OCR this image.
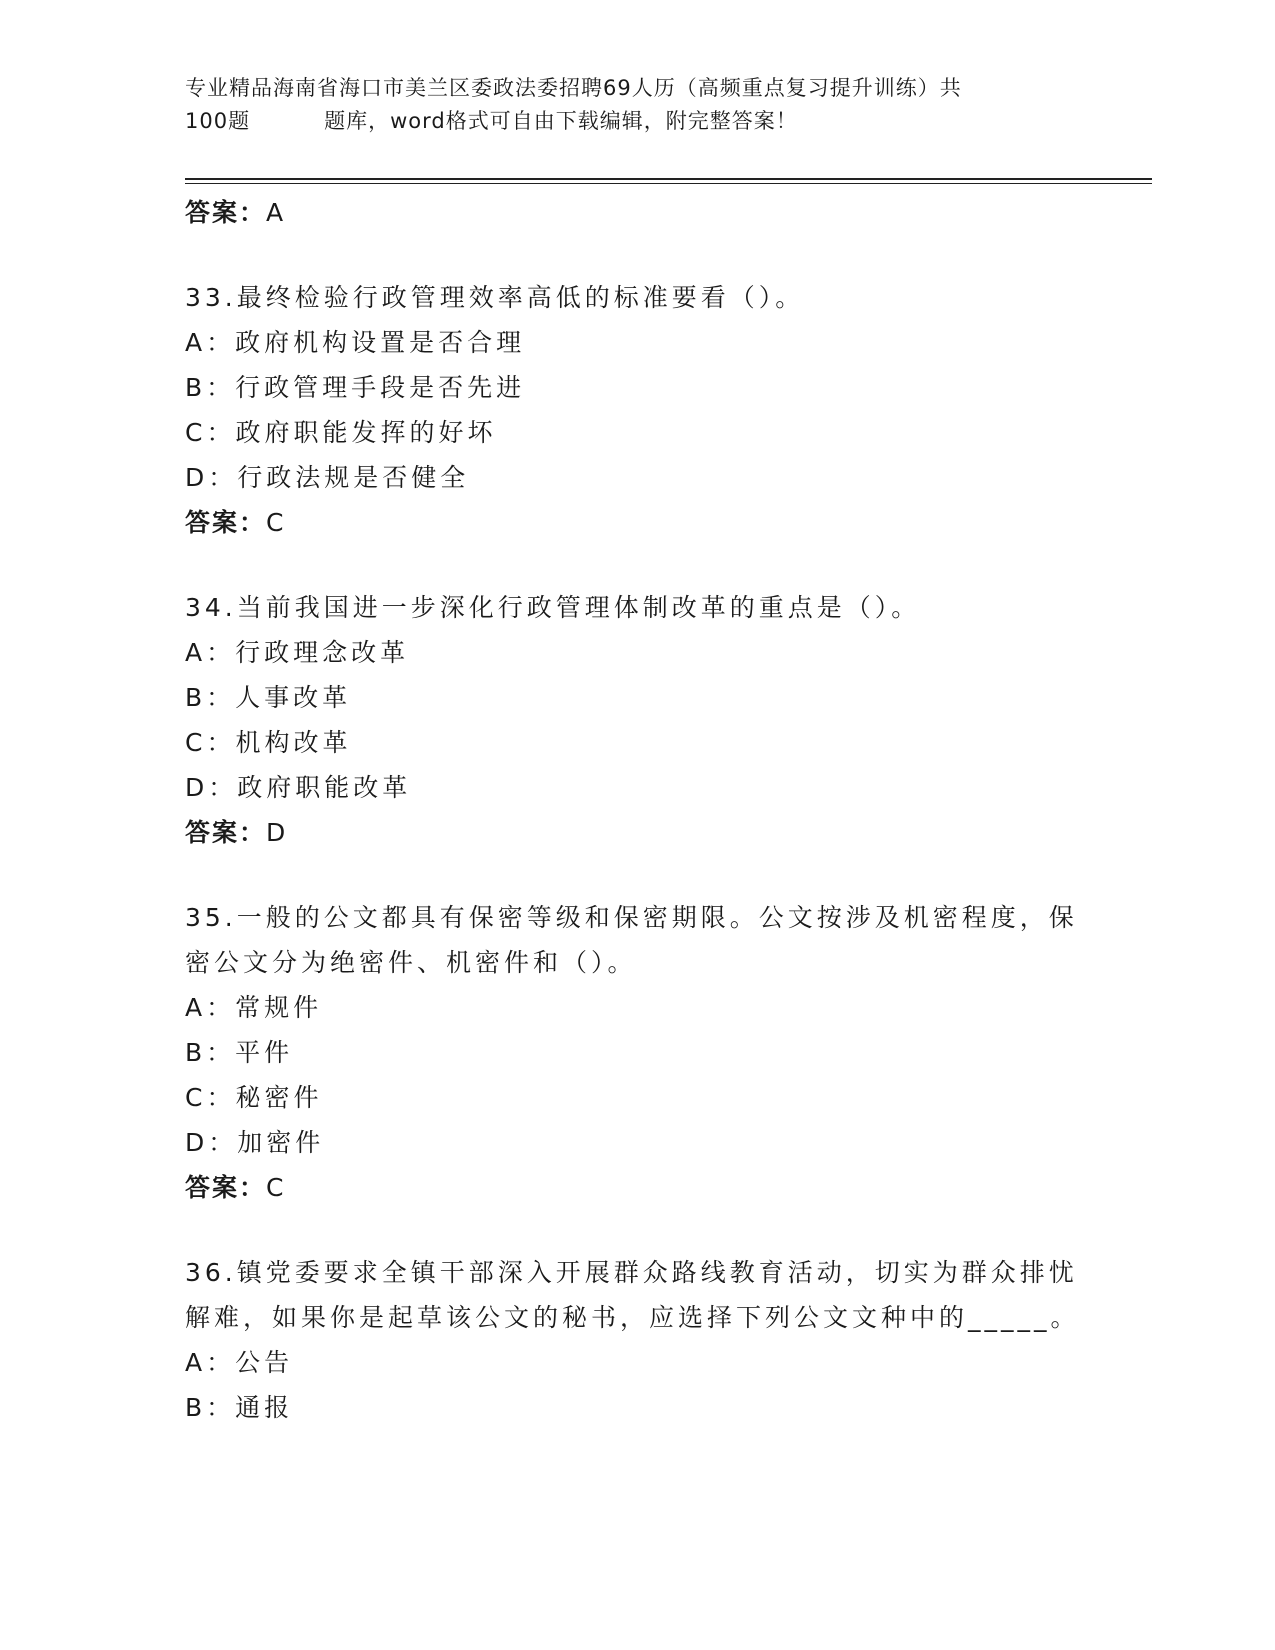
专业精品海南省海口市美兰区委政法委招聘69人历（高频重点复习提升训练）共
100题	题库，word格式可自由下载编辑，附完整答案！
答案：A
33.最终检验行政管理效率高低的标准要看（）。
A：政府机构设置是否合理
B：行政管理手段是否先进
C：政府职能发挥的好坏
D：行政法规是否健全
答案：C
34.当前我国进一步深化行政管理体制改革的重点是（）。
A：行政理念改革
B：人事改革
C：机构改革
D：政府职能改革
答案：D
35.一般的公文都具有保密等级和保密期限。公文按涉及机密程度，保
密公文分为绝密件、机密件和（）。
A：常规件
B：平件
C：秘密件
D：加密件
答案：C
36.镇党委要求全镇干部深入开展群众路线教育活动，切实为群众排忧
解难，如果你是起草该公文的秘书，应选择下列公文文种中的_____。
A：公告
B：通报
